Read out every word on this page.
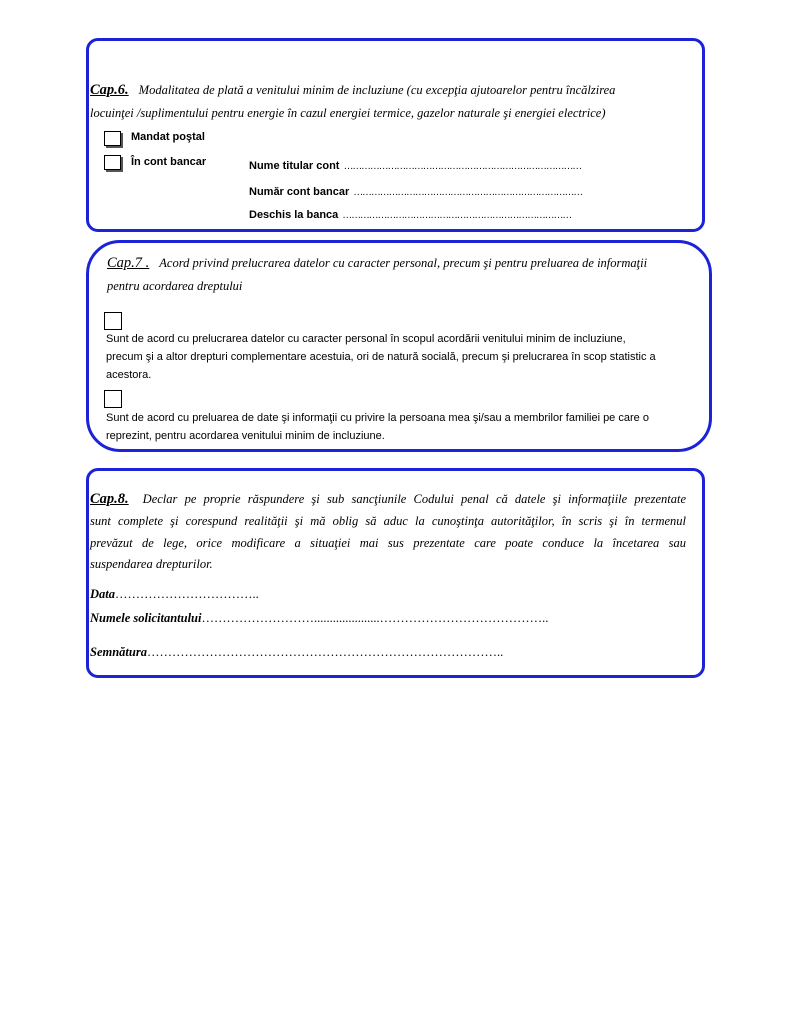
Cap.6. Modalitatea de plată a venitului minim de incluziune (cu excepţia ajutoarelor pentru încălzirea
locuinţei /suplimentului pentru energie în cazul energiei termice, gazelor naturale şi energiei electrice)
Mandat poştal
În cont bancar	Nume titular cont ………………………………………………………………………
Număr cont bancar ……………………………………………………………………
Deschis la banca ……………………………………………………………………
Cap.7 . Acord privind prelucrarea datelor cu caracter personal, precum şi pentru preluarea de informaţii
pentru acordarea dreptului
Sunt de acord cu prelucrarea datelor cu caracter personal în scopul acordării venitului minim de incluziune,
precum şi a altor drepturi complementare acestuia, ori de natură socială, precum şi prelucrarea în scop statistic a
acestora.
Sunt de acord cu preluarea de date şi informaţii cu privire la persoana mea şi/sau a membrilor familiei pe care o
reprezint, pentru acordarea venitului minim de incluziune.
Cap.8. Declar pe proprie răspundere şi sub sancţiunile Codului penal că datele şi informaţiile prezentate
sunt complete şi corespund realităţii şi mă oblig să aduc la cunoştinţa autorităţilor, în scris şi în termenul
prevăzut de lege, orice modificare a situaţiei mai sus prezentate care poate conduce la încetarea sau
suspendarea drepturilor.
Data……………………………..
Numele solicitantului……………………….....................…………………………………..
Semnătura…………………………………………………………………………..
